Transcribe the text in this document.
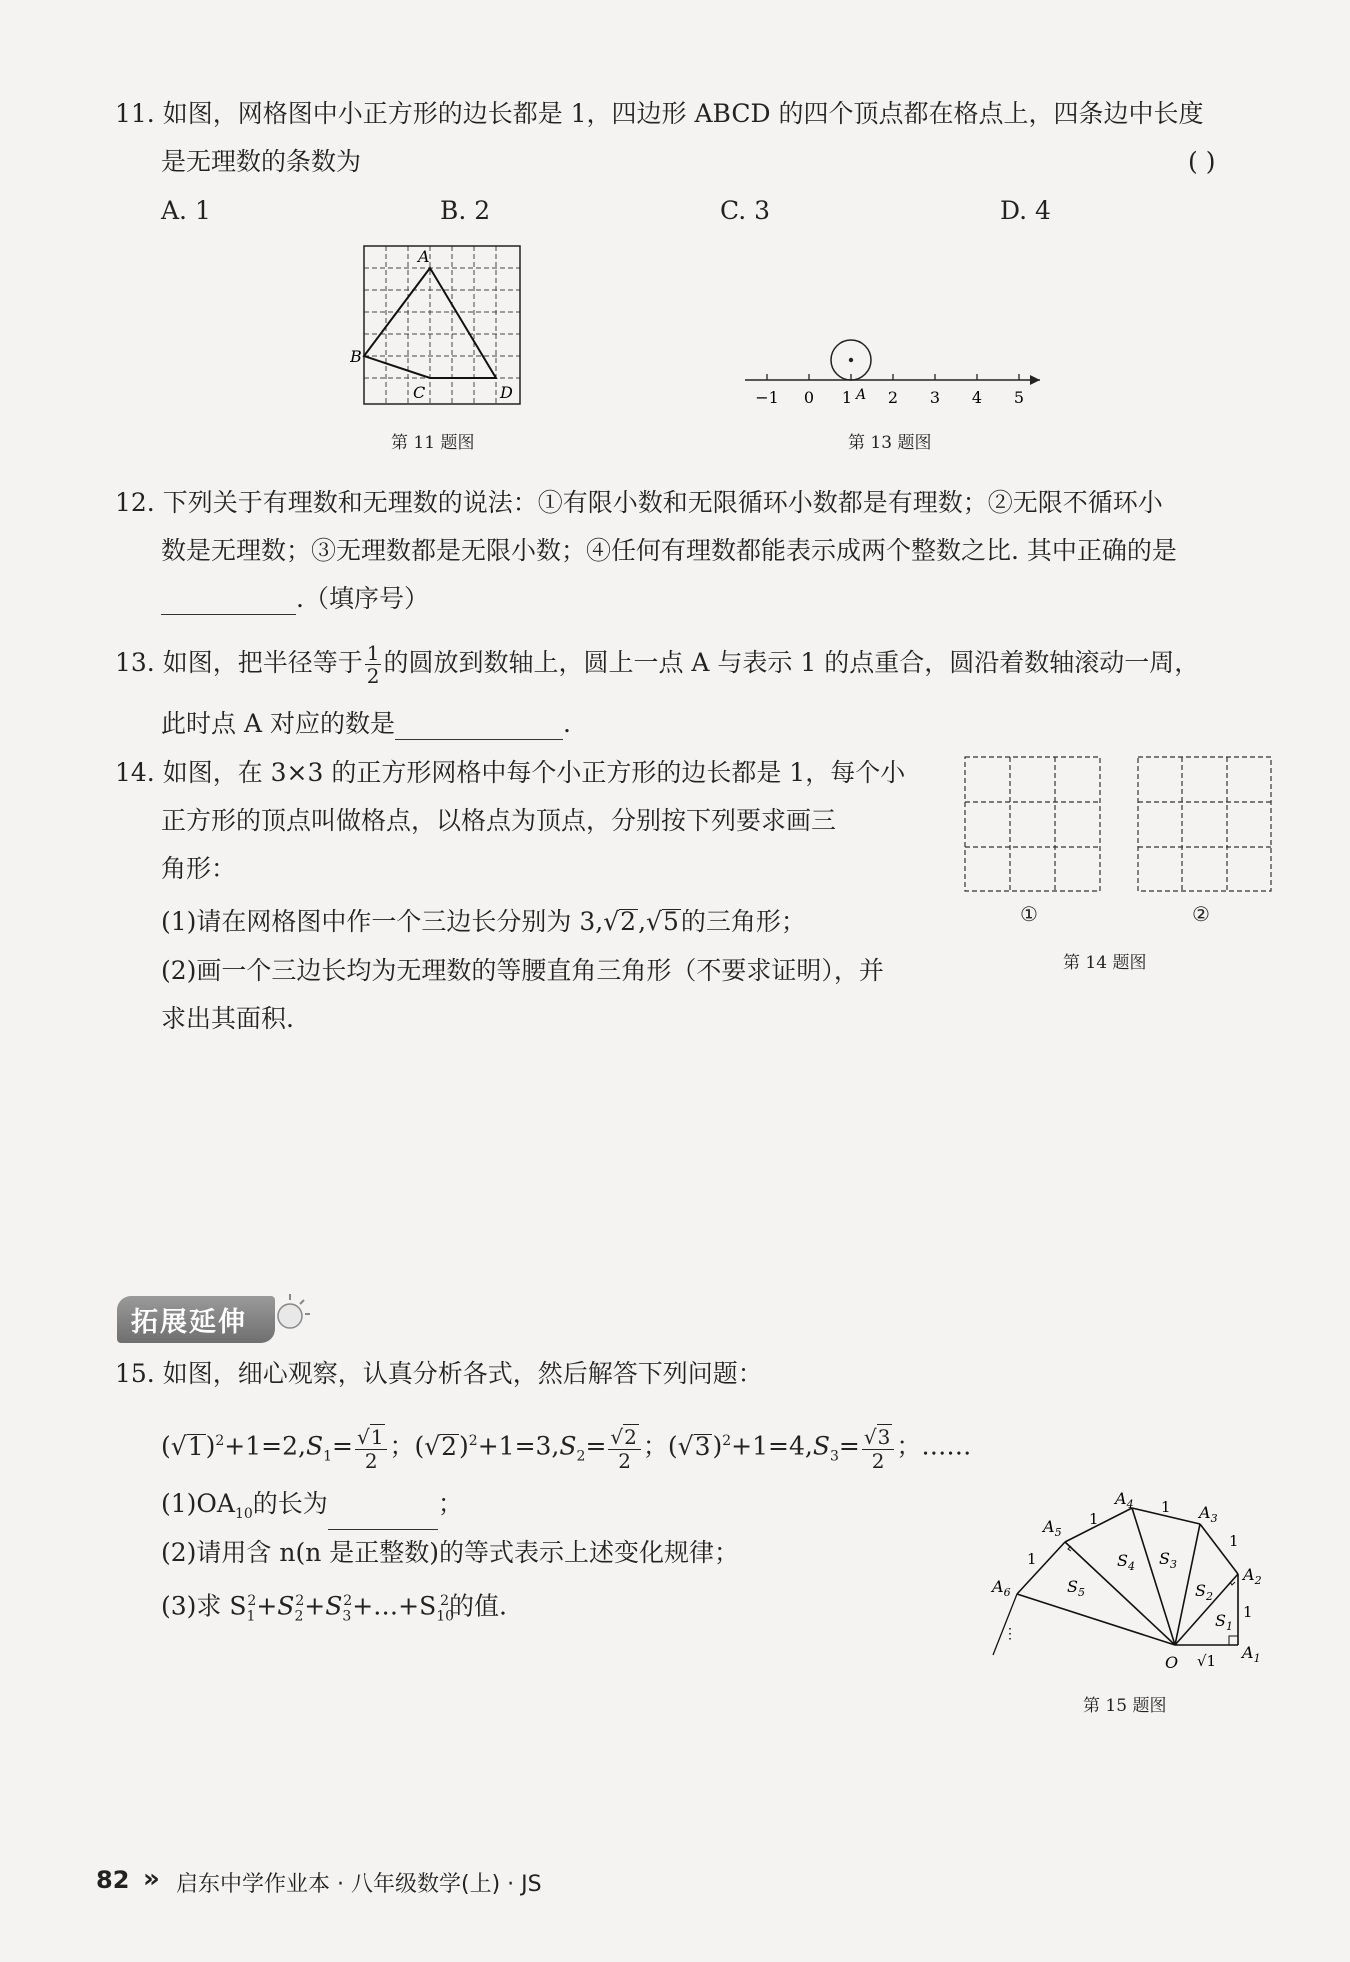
11. 如图，网格图中小正方形的边长都是 1，四边形 ABCD 的四个顶点都在格点上，四条边中长度
是无理数的条数为	( )
A. 1	B. 2	C. 3	D. 4
A
B
C	D
第 11 题图
−1 0 1 2 3 4 5
A
第 13 题图
12. 下列关于有理数和无理数的说法：①有限小数和无限循环小数都是有理数；②无限不循环小
数是无理数；③无理数都是无限小数；④任何有理数都能表示成两个整数之比. 其中正确的是
.（填序号）
13. 如图，把半径等于 $\frac{1}{2}$ 的圆放到数轴上，圆上一点 A 与表示 1 的点重合，圆沿着数轴滚动一周，
此时点 A 对应的数是	.
14. 如图，在 3×3 的正方形网格中每个小正方形的边长都是 1，每个小
正方形的顶点叫做格点，以格点为顶点，分别按下列要求画三
角形：
(1)请在网格图中作一个三边长分别为 3,√2,√5的三角形；
(2)画一个三边长均为无理数的等腰直角三角形（不要求证明），并
求出其面积.
①	②
第 14 题图
拓展延伸
15. 如图，细心观察，认真分析各式，然后解答下列问题：
$(√1)^2+1=2,S_1= \frac{√1}{2}$ ；$(√2)^2+1=3,S_2= \frac{√2}{2}$ ；$(√3)^2+1=4,S_3= \frac{√3}{2}$ ；……
$(1)OA_{10}$的长为	；
(2)请用含 n(n 是正整数)的等式表示上述变化规律；
(3)求 $S_1^2+S_2^2+S_3^2+\dots+S_{10}^2$的值.
⋮
O
$A_1$
$A_2$
$A_3$
$A_4$
$A_5$
$A_6$
$S_1$
$S_2$
$S_3$
$S_4$
$S_5$
1
1
1
1
1
√1
第 15 题图
82 » 启东中学作业本 · 八年级数学(上) · JS
